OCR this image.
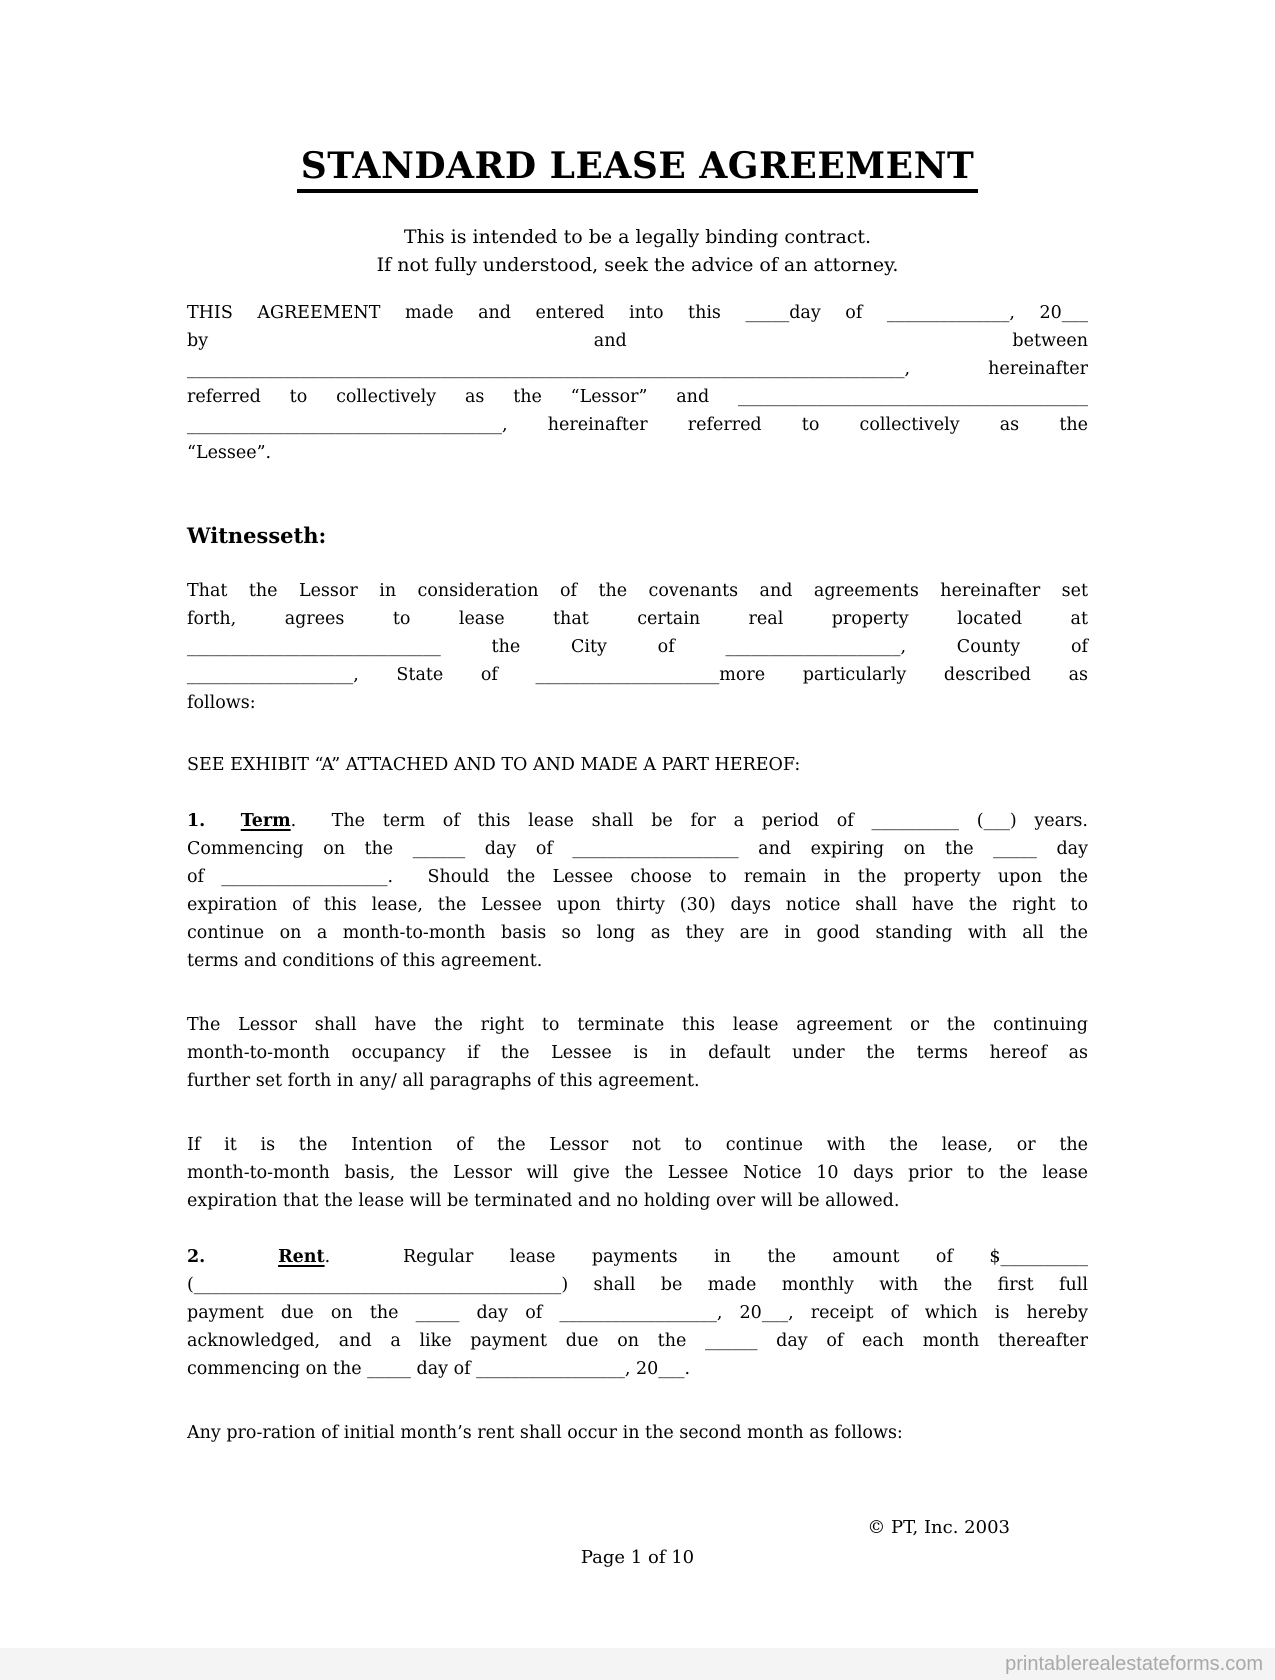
STANDARD LEASE AGREEMENT
This is intended to be a legally binding contract.
If not fully understood, seek the advice of an attorney.
THIS AGREEMENT made and entered into this _____day of ______________, 20___
by and between
__________________________________________________________________________________, hereinafter
referred to collectively as the “Lessor” and ________________________________________
____________________________________, hereinafter referred to collectively as the
“Lessee”.
Witnesseth:
That the Lessor in consideration of the covenants and agreements hereinafter set
forth, agrees to lease that certain real property located at
_____________________________ the City of ____________________, County of
___________________, State of _____________________more particularly described as
follows:
SEE EXHIBIT “A” ATTACHED AND TO AND MADE A PART HEREOF:
1. Term.  The term of this lease shall be for a period of __________ (___) years.
Commencing on the ______ day of ___________________ and expiring on the _____ day
of ___________________.  Should the Lessee choose to remain in the property upon the
expiration of this lease, the Lessee upon thirty (30) days notice shall have the right to
continue on a month-to-month basis so long as they are in good standing with all the
terms and conditions of this agreement.
The Lessor shall have the right to terminate this lease agreement or the continuing
month-to-month occupancy if the Lessee is in default under the terms hereof as
further set forth in any/ all paragraphs of this agreement.
If it is the Intention of the Lessor not to continue with the lease, or the
month-to-month basis, the Lessor will give the Lessee Notice 10 days prior to the lease
expiration that the lease will be terminated and no holding over will be allowed.
2.	Rent.  Regular lease payments in the amount of $__________
(__________________________________________) shall be made monthly with the first full
payment due on the _____ day of __________________, 20___, receipt of which is hereby
acknowledged, and a like payment due on the ______ day of each month thereafter
commencing on the _____ day of _________________, 20___.
Any pro-ration of initial month’s rent shall occur in the second month as follows:
© PT, Inc. 2003
Page 1 of 10
printablerealestateforms.com
